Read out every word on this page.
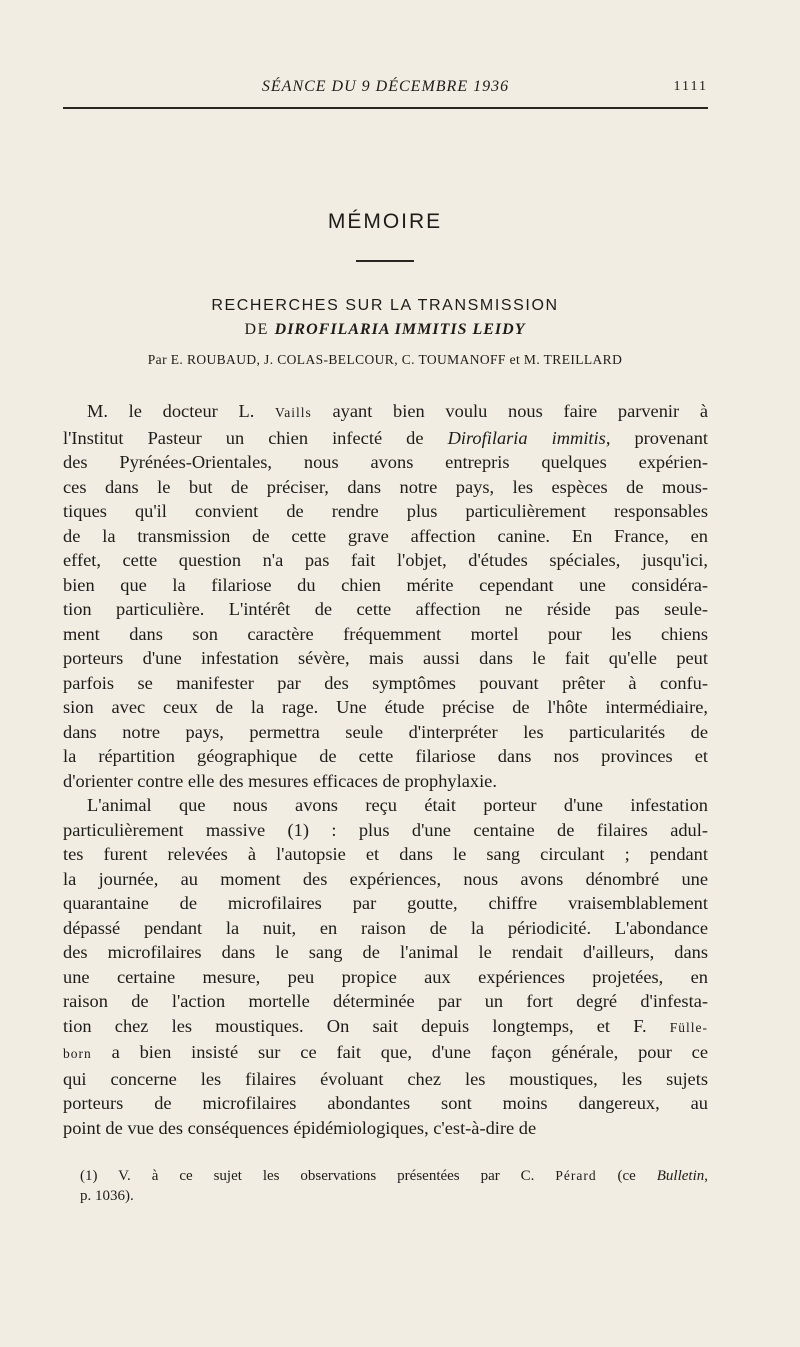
SÉANCE DU 9 DÉCEMBRE 1936	1111
MÉMOIRE
RECHERCHES SUR LA TRANSMISSION
DE DIROFILARIA IMMITIS LEIDY
Par E. ROUBAUD, J. COLAS-BELCOUR, C. TOUMANOFF et M. TREILLARD
M. le docteur L. Vaills ayant bien voulu nous faire parvenir à
l'Institut Pasteur un chien infecté de Dirofilaria immitis, provenant
des Pyrénées-Orientales, nous avons entrepris quelques expérien-
ces dans le but de préciser, dans notre pays, les espèces de mous-
tiques qu'il convient de rendre plus particulièrement responsables
de la transmission de cette grave affection canine. En France, en
effet, cette question n'a pas fait l'objet, d'études spéciales, jusqu'ici,
bien que la filariose du chien mérite cependant une considéra-
tion particulière. L'intérêt de cette affection ne réside pas seule-
ment dans son caractère fréquemment mortel pour les chiens
porteurs d'une infestation sévère, mais aussi dans le fait qu'elle peut
parfois se manifester par des symptômes pouvant prêter à confu-
sion avec ceux de la rage. Une étude précise de l'hôte intermédiaire,
dans notre pays, permettra seule d'interpréter les particularités de
la répartition géographique de cette filariose dans nos provinces et
d'orienter contre elle des mesures efficaces de prophylaxie.
L'animal que nous avons reçu était porteur d'une infestation
particulièrement massive (1) : plus d'une centaine de filaires adul-
tes furent relevées à l'autopsie et dans le sang circulant ; pendant
la journée, au moment des expériences, nous avons dénombré une
quarantaine de microfilaires par goutte, chiffre vraisemblablement
dépassé pendant la nuit, en raison de la périodicité. L'abondance
des microfilaires dans le sang de l'animal le rendait d'ailleurs, dans
une certaine mesure, peu propice aux expériences projetées, en
raison de l'action mortelle déterminée par un fort degré d'infesta-
tion chez les moustiques. On sait depuis longtemps, et F. Fülle-
born a bien insisté sur ce fait que, d'une façon générale, pour ce
qui concerne les filaires évoluant chez les moustiques, les sujets
porteurs de microfilaires abondantes sont moins dangereux, au
point de vue des conséquences épidémiologiques, c'est-à-dire de
(1) V. à ce sujet les observations présentées par C. Pérard (ce Bulletin,
p. 1036).
